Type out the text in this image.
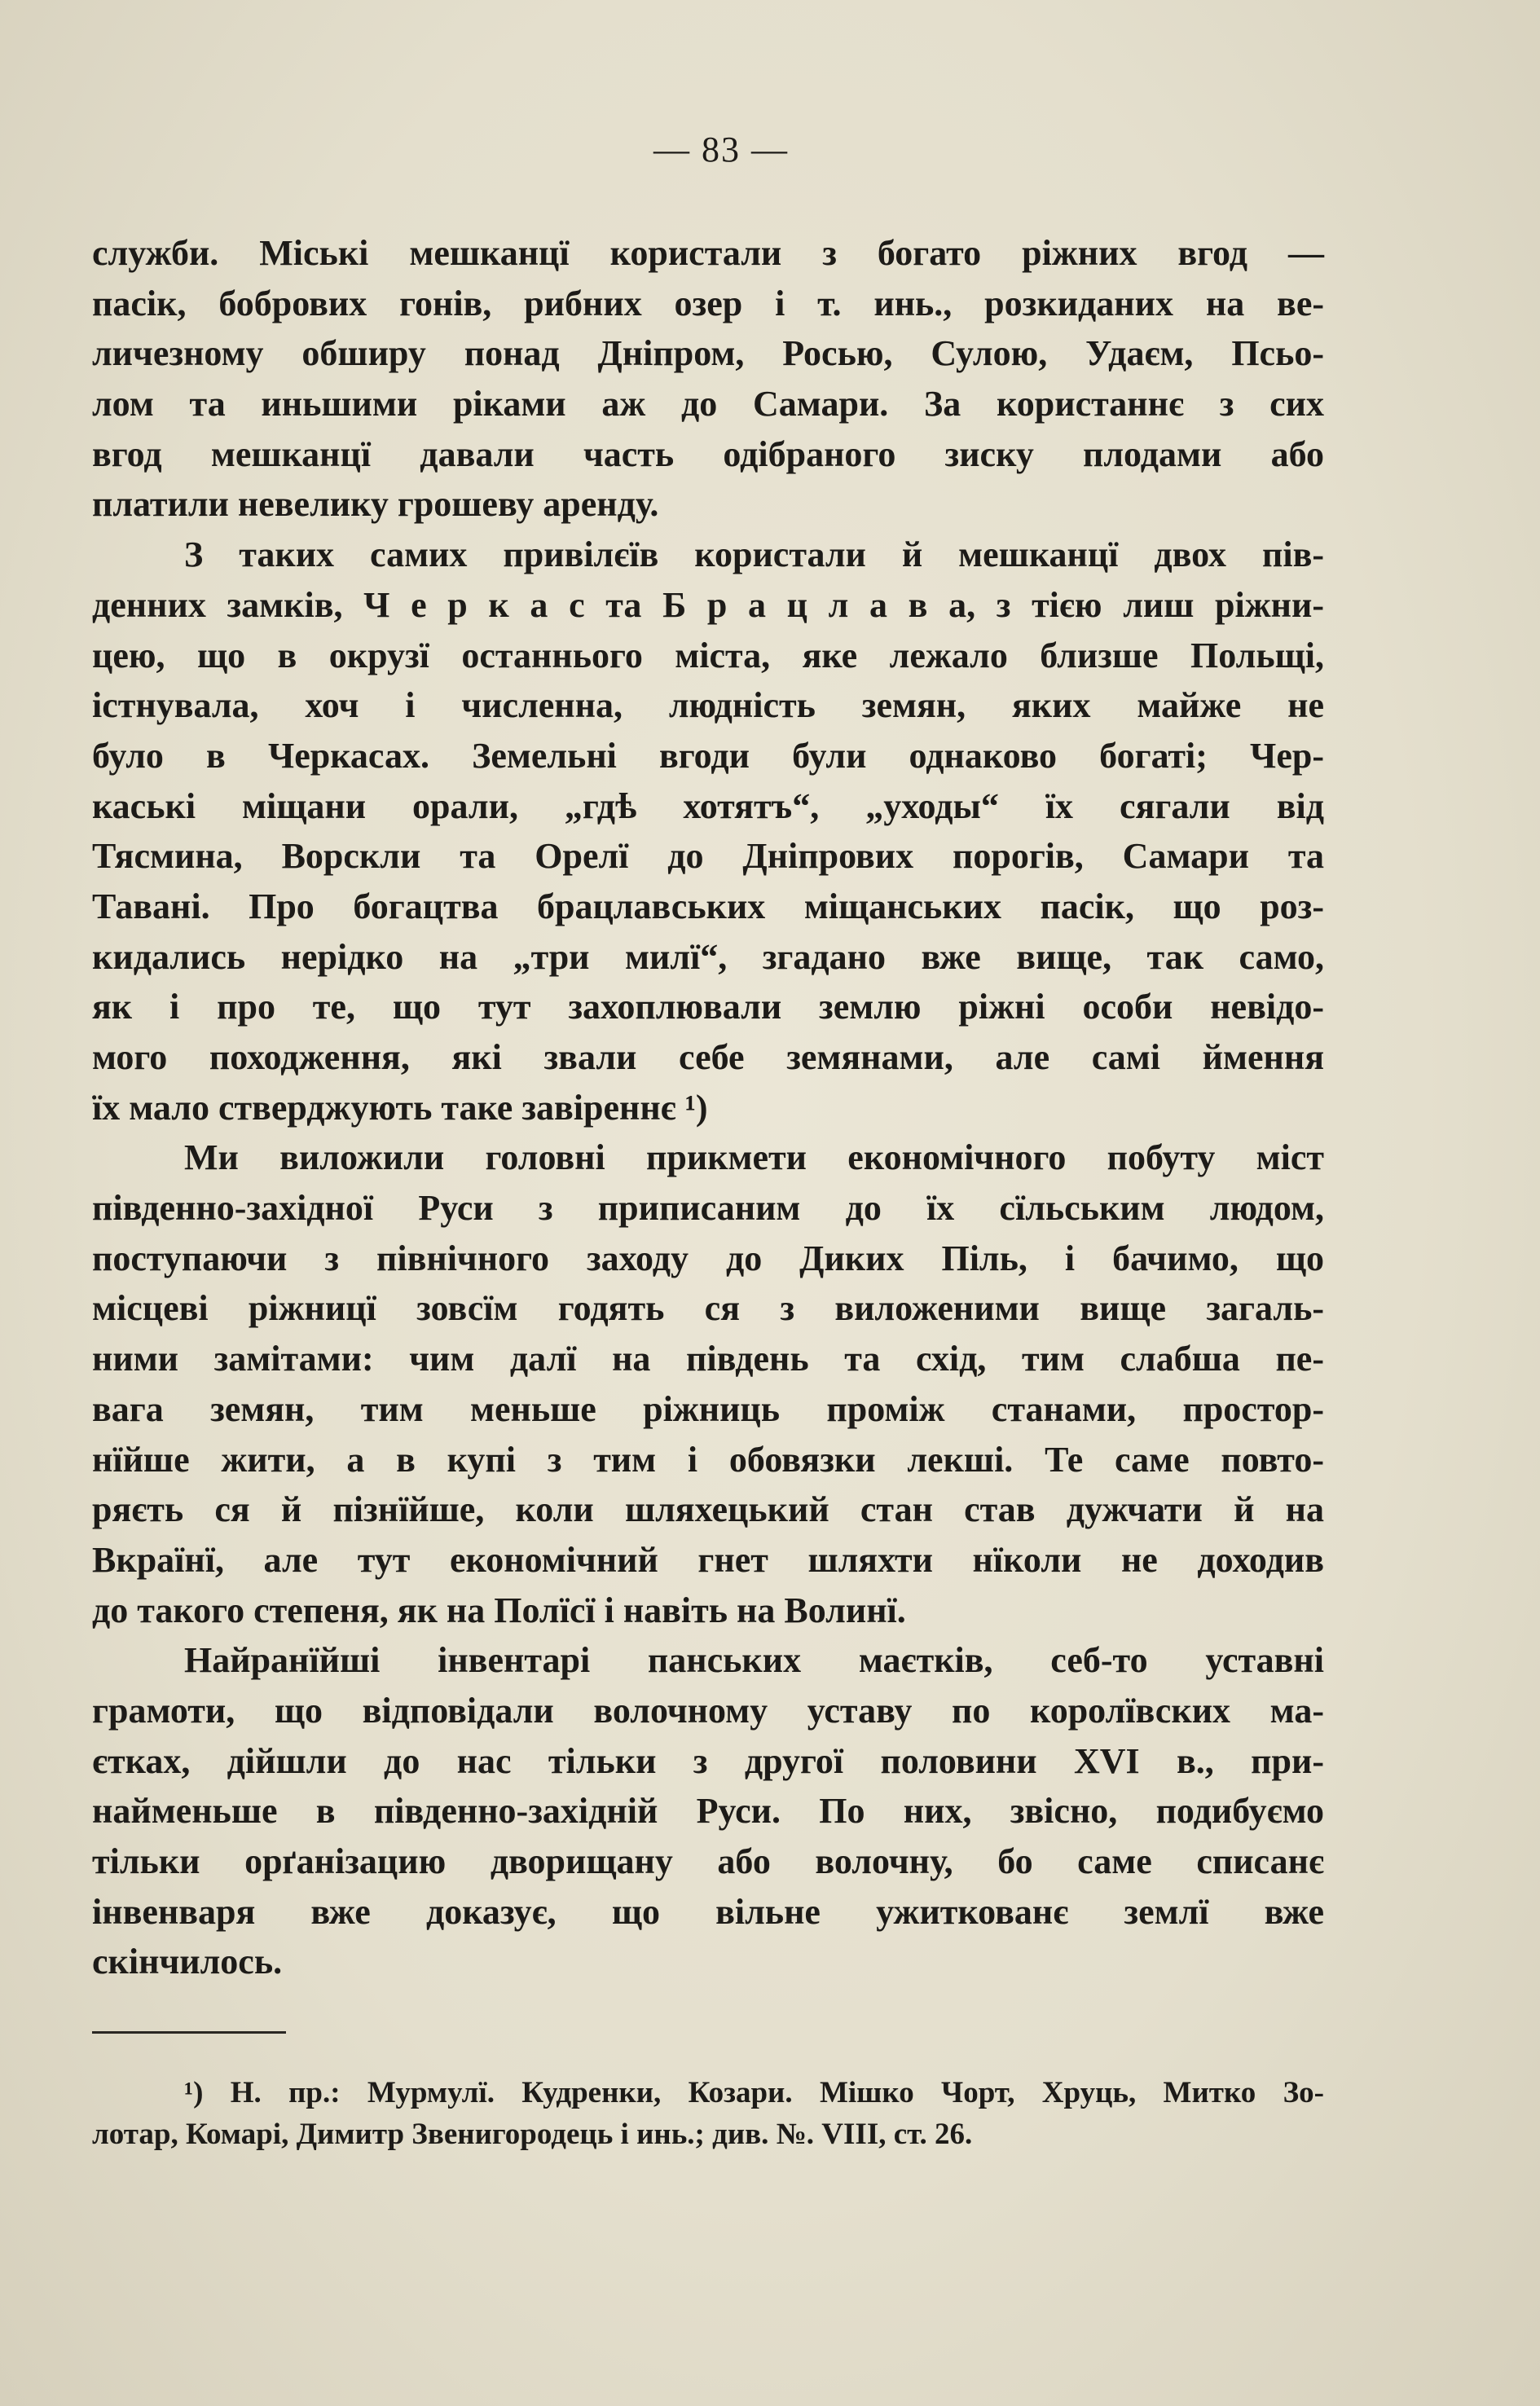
— 83 —
служби. Міські мешканцї користали з богато ріжних вгод —
пасік, бобрових гонів, рибних озер і т. инь., розкиданих на ве-
личезному обширу понад Дніпром, Росью, Сулою, Удаєм, Псьо-
лом та иньшими ріками аж до Самари. За користаннє з сих
вгод мешканцї давали часть одібраного зиску плодами або
платили невелику грошеву аренду.
З таких самих привілєїв користали й мешканцї двох пів-
денних замків, Ч е р к а с та Б р а ц л а в а, з тією лиш ріжни-
цею, що в окрузї останнього міста, яке лежало близше Польщі,
істнувала, хоч і численна, людність земян, яких майже не
було в Черкасах. Земельні вгоди були однаково богаті; Чер-
каські міщани орали, „гдѣ хотятъ“, „уходы“ їх сягали від
Тясмина, Ворскли та Орелї до Дніпрових порогів, Самари та
Тавані. Про богацтва брацлавських міщанських пасік, що роз-
кидались нерідко на „три милї“, згадано вже вище, так само,
як і про те, що тут захоплювали землю ріжні особи невідо-
мого походження, які звали себе земянами, але самі ймення
їх мало стверджують таке завіреннє ¹)
Ми виложили головні прикмети економічного побуту міст
південно-західної Руси з приписаним до їх сїльським людом,
поступаючи з північного заходу до Диких Піль, і бачимо, що
місцеві ріжницї зовсїм годять ся з виложеними вище загаль-
ними замітами: чим далї на південь та схід, тим слабша пе-
вага земян, тим меньше ріжниць проміж станами, простор-
нїйше жити, а в купі з тим і обовязки лекші. Те саме повто-
ряєть ся й пізнїйше, коли шляхецький стан став дужчати й на
Вкраїнї, але тут економічний гнет шляхти нїколи не доходив
до такого степеня, як на Полїсї і навіть на Волинї.
Найранїйші інвентарі панських маєтків, себ-то уставні
грамоти, що відповідали волочному уставу по королївских ма-
єтках, дійшли до нас тільки з другої половини XVI в., при-
найменьше в південно-західній Руси. По них, звісно, подибуємо
тільки орґанізацию дворищану або волочну, бо саме списанє
інвенваря вже доказує, що вільне ужиткованє землї вже
скінчилось.
¹) Н. пр.: Мурмулї. Кудренки, Козари. Мішко Чорт, Хруць, Митко Зо-
лотар, Комарі, Димитр Звенигородець і инь.; див. №. VIII, ст. 26.
